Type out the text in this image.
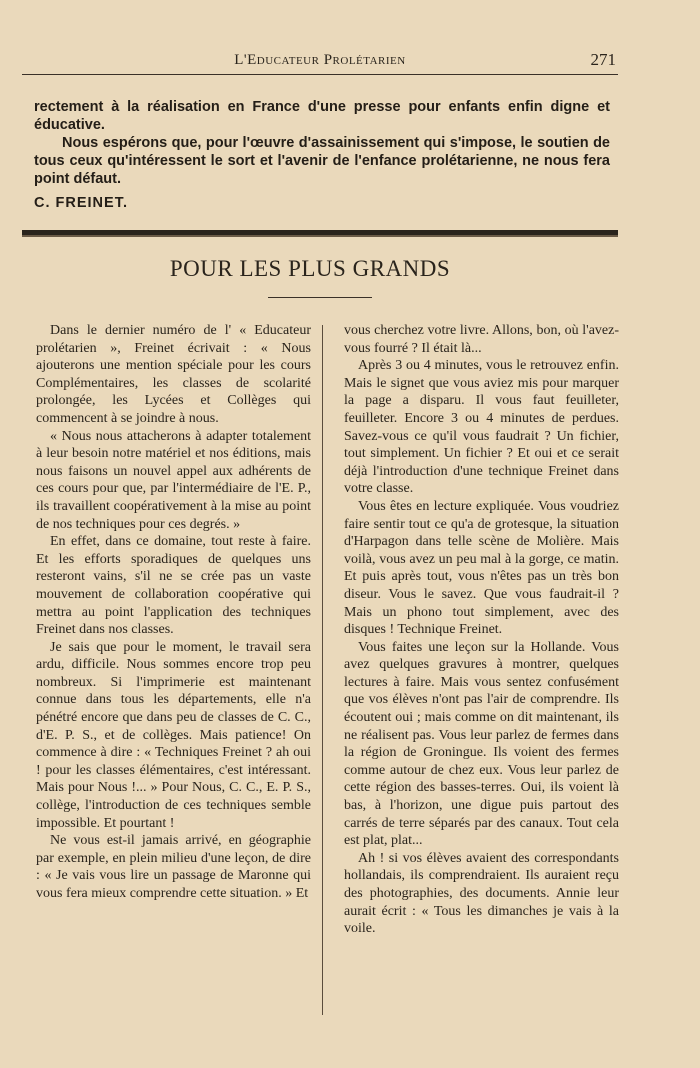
L'Educateur Prolétarien	271

rectement à la réalisation en France d'une presse pour enfants enfin digne et éducative.

Nous espérons que, pour l'œuvre d'assainissement qui s'impose, le soutien de tous ceux qu'intéressent le sort et l'avenir de l'enfance prolétarienne, ne nous fera point défaut.

C. FREINET.

POUR LES PLUS GRANDS

Dans le dernier numéro de l' « Educateur prolétarien », Freinet écrivait : « Nous ajouterons une mention spéciale pour les cours Complémentaires, les classes de scolarité prolongée, les Lycées et Collèges qui commencent à se joindre à nous.

« Nous nous attacherons à adapter totalement à leur besoin notre matériel et nos éditions, mais nous faisons un nouvel appel aux adhérents de ces cours pour que, par l'intermédiaire de l'E. P., ils travaillent coopérativement à la mise au point de nos techniques pour ces degrés. »

En effet, dans ce domaine, tout reste à faire. Et les efforts sporadiques de quelques uns resteront vains, s'il ne se crée pas un vaste mouvement de collaboration coopérative qui mettra au point l'application des techniques Freinet dans nos classes.

Je sais que pour le moment, le travail sera ardu, difficile. Nous sommes encore trop peu nombreux. Si l'imprimerie est maintenant connue dans tous les départements, elle n'a pénétré encore que dans peu de classes de C. C., d'E. P. S., et de collèges. Mais patience! On commence à dire : « Techniques Freinet ? ah oui ! pour les classes élémentaires, c'est intéressant. Mais pour Nous !... » Pour Nous, C. C., E. P. S., collège, l'introduction de ces techniques semble impossible. Et pourtant !

Ne vous est-il jamais arrivé, en géographie par exemple, en plein milieu d'une leçon, de dire : « Je vais vous lire un passage de Maronne qui vous fera mieux comprendre cette situation. » Et

vous cherchez votre livre. Allons, bon, où l'avez-vous fourré ? Il était là...

Après 3 ou 4 minutes, vous le retrouvez enfin. Mais le signet que vous aviez mis pour marquer la page a disparu. Il vous faut feuilleter, feuilleter. Encore 3 ou 4 minutes de perdues. Savez-vous ce qu'il vous faudrait ? Un fichier, tout simplement. Un fichier ? Et oui et ce serait déjà l'introduction d'une technique Freinet dans votre classe.

Vous êtes en lecture expliquée. Vous voudriez faire sentir tout ce qu'a de grotesque, la situation d'Harpagon dans telle scène de Molière. Mais voilà, vous avez un peu mal à la gorge, ce matin. Et puis après tout, vous n'êtes pas un très bon diseur. Vous le savez. Que vous faudrait-il ? Mais un phono tout simplement, avec des disques ! Technique Freinet.

Vous faites une leçon sur la Hollande. Vous avez quelques gravures à montrer, quelques lectures à faire. Mais vous sentez confusément que vos élèves n'ont pas l'air de comprendre. Ils écoutent oui ; mais comme on dit maintenant, ils ne réalisent pas. Vous leur parlez de fermes dans la région de Groningue. Ils voient des fermes comme autour de chez eux. Vous leur parlez de cette région des basses-terres. Oui, ils voient là bas, à l'horizon, une digue puis partout des carrés de terre séparés par des canaux. Tout cela est plat, plat...

Ah ! si vos élèves avaient des correspondants hollandais, ils comprendraient. Ils auraient reçu des photographies, des documents. Annie leur aurait écrit : « Tous les dimanches je vais à la voile.
